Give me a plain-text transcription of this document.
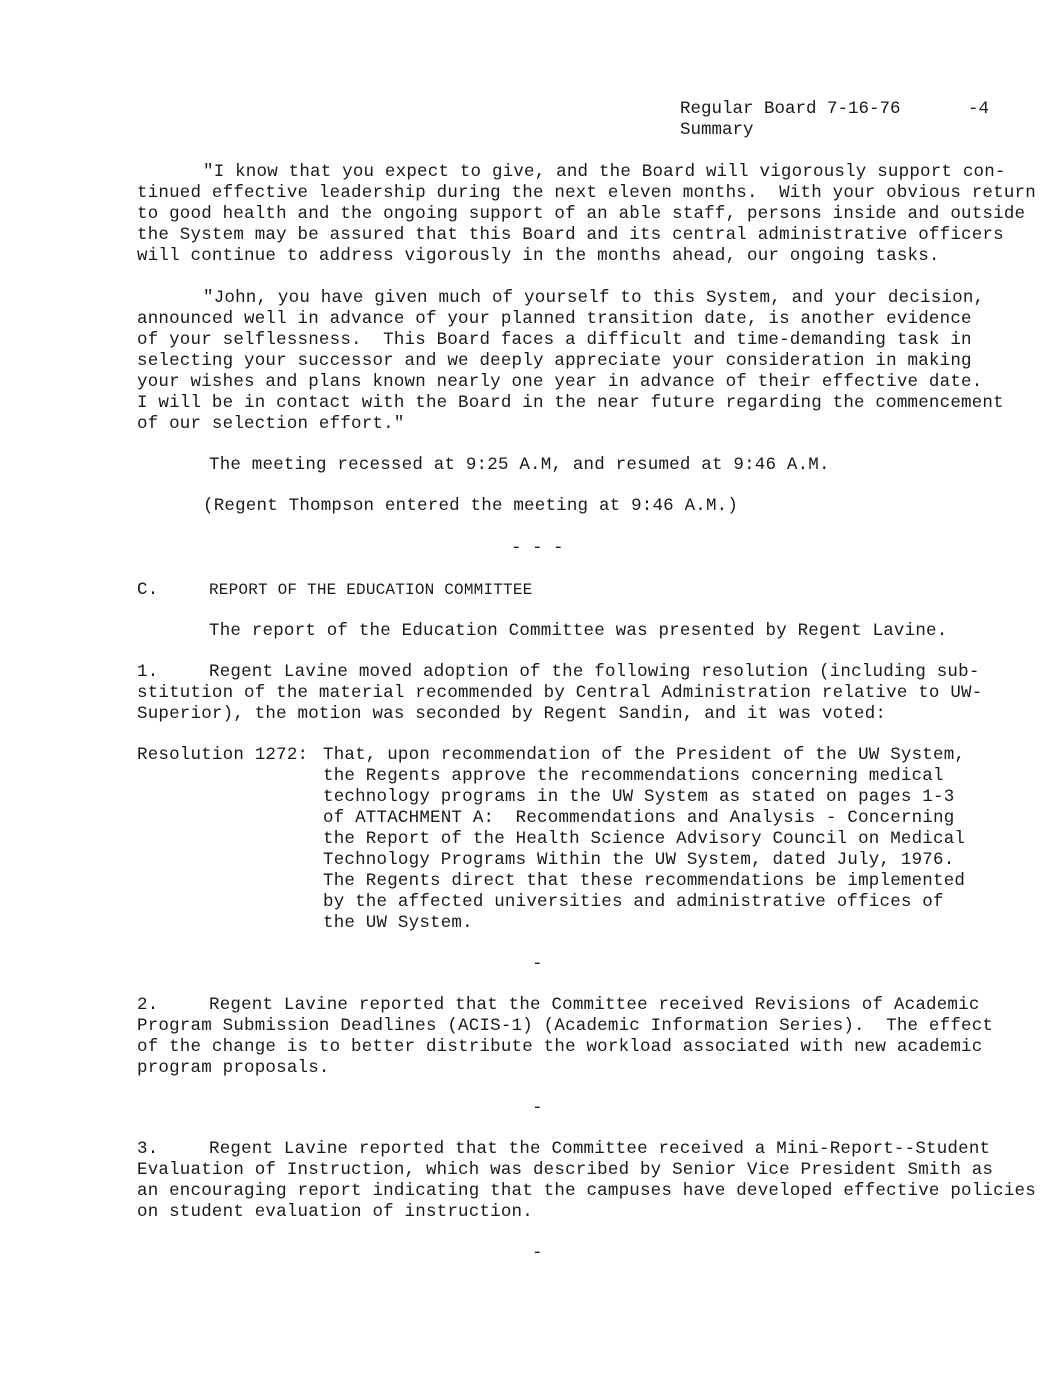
Regular Board 7-16-76	-4
Summary
"I know that you expect to give, and the Board will vigorously support con-
tinued effective leadership during the next eleven months.  With your obvious return
to good health and the ongoing support of an able staff, persons inside and outside
the System may be assured that this Board and its central administrative officers
will continue to address vigorously in the months ahead, our ongoing tasks.
"John, you have given much of yourself to this System, and your decision,
announced well in advance of your planned transition date, is another evidence
of your selflessness.  This Board faces a difficult and time-demanding task in
selecting your successor and we deeply appreciate your consideration in making
your wishes and plans known nearly one year in advance of their effective date.
I will be in contact with the Board in the near future regarding the commencement
of our selection effort."
The meeting recessed at 9:25 A.M, and resumed at 9:46 A.M.
(Regent Thompson entered the meeting at 9:46 A.M.)
- - -
C.	REPORT OF THE EDUCATION COMMITTEE
The report of the Education Committee was presented by Regent Lavine.
1.	Regent Lavine moved adoption of the following resolution (including sub-
stitution of the material recommended by Central Administration relative to UW-
Superior), the motion was seconded by Regent Sandin, and it was voted:
Resolution 1272: That, upon recommendation of the President of the UW System,
the Regents approve the recommendations concerning medical
technology programs in the UW System as stated on pages 1-3
of ATTACHMENT A:  Recommendations and Analysis - Concerning
the Report of the Health Science Advisory Council on Medical
Technology Programs Within the UW System, dated July, 1976.
The Regents direct that these recommendations be implemented
by the affected universities and administrative offices of
the UW System.
-
2.	Regent Lavine reported that the Committee received Revisions of Academic
Program Submission Deadlines (ACIS-1) (Academic Information Series).  The effect
of the change is to better distribute the workload associated with new academic
program proposals.
-
3.	Regent Lavine reported that the Committee received a Mini-Report--Student
Evaluation of Instruction, which was described by Senior Vice President Smith as
an encouraging report indicating that the campuses have developed effective policies
on student evaluation of instruction.
-
